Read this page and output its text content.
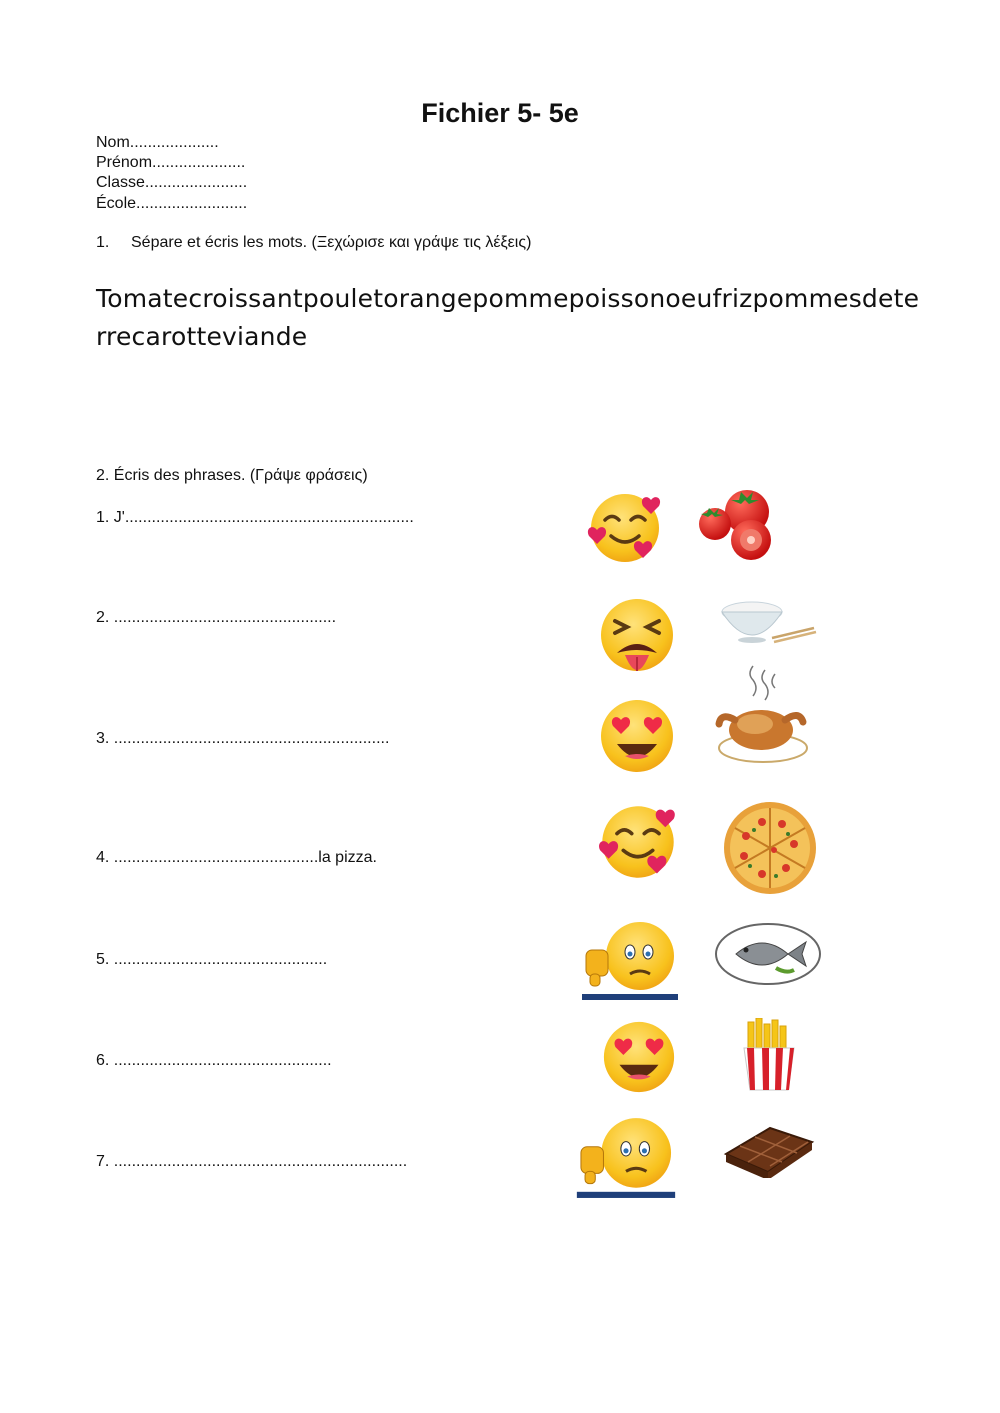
Fichier 5- 5e
Nom....................
Prénom.....................
Classe.......................
École.........................
1. Sépare et écris les mots. (Ξεχώρισε και γράψε τις λέξεις)
Tomatecroissantpouletorangepommepoissonoeufrizpommesdeterrecarotteviande
2. Écris des phrases. (Γράψε φράσεις)
1. J'.................................................................
2. ..................................................
3. ..............................................................
4. ..............................................la pizza.
5. ................................................
6. .................................................
7. ..................................................................
